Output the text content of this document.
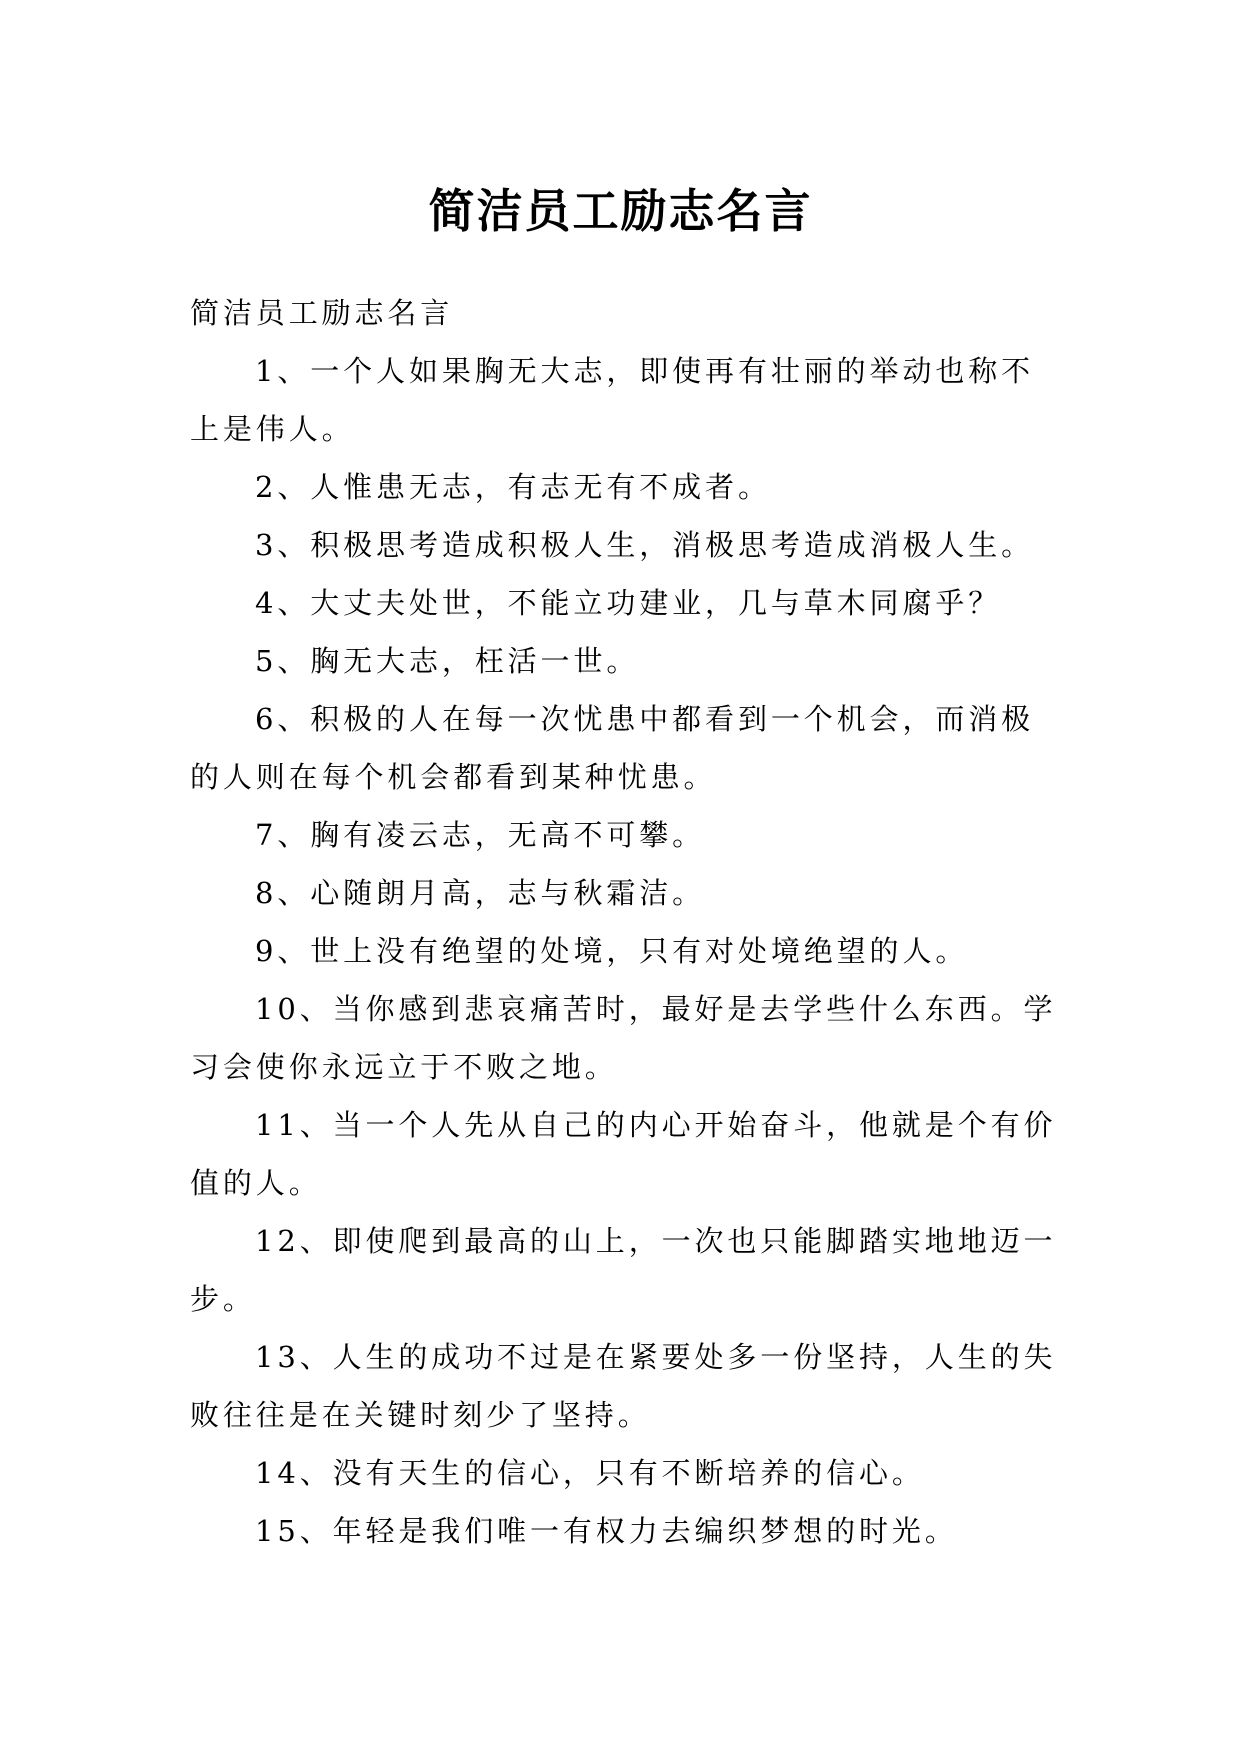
简洁员工励志名言

简洁员工励志名言

1、一个人如果胸无大志，即使再有壮丽的举动也称不上是伟人。

2、人惟患无志，有志无有不成者。

3、积极思考造成积极人生，消极思考造成消极人生。

4、大丈夫处世，不能立功建业，几与草木同腐乎？

5、胸无大志，枉活一世。

6、积极的人在每一次忧患中都看到一个机会，而消极的人则在每个机会都看到某种忧患。

7、胸有凌云志，无高不可攀。

8、心随朗月高，志与秋霜洁。

9、世上没有绝望的处境，只有对处境绝望的人。

10、当你感到悲哀痛苦时，最好是去学些什么东西。学习会使你永远立于不败之地。

11、当一个人先从自己的内心开始奋斗，他就是个有价值的人。

12、即使爬到最高的山上，一次也只能脚踏实地地迈一步。

13、人生的成功不过是在紧要处多一份坚持，人生的失败往往是在关键时刻少了坚持。

14、没有天生的信心，只有不断培养的信心。

15、年轻是我们唯一有权力去编织梦想的时光。
